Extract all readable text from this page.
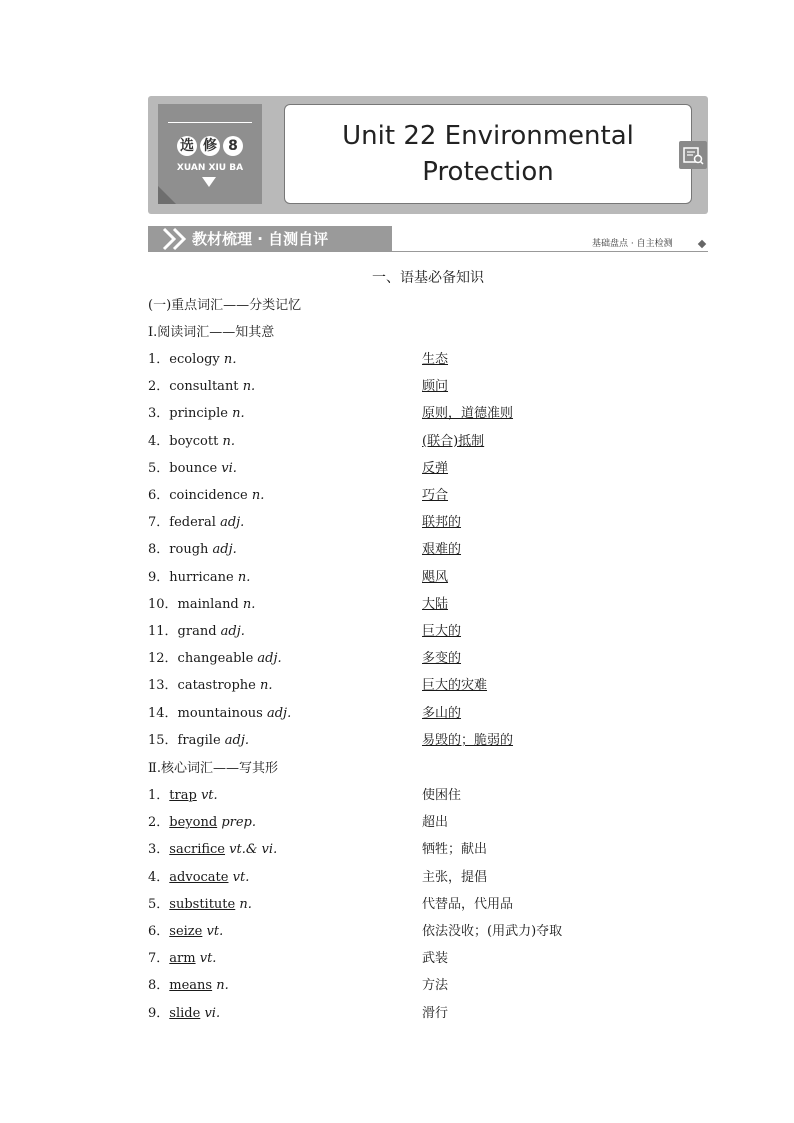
选 修 8
XUAN XIU BA
Unit 22 Environmental
Protection
教材梳理 · 自测自评	基础盘点 · 自主检测
一、语基必备知识
(一)重点词汇——分类记忆
Ⅰ.阅读词汇——知其意
1．ecology n．	生态
2．consultant n.	顾问
3．principle n.	原则，道德准则
4．boycott n.	(联合)抵制
5．bounce vi.	反弹
6．coincidence n.	巧合
7．federal adj.	联邦的
8．rough adj.	艰难的
9．hurricane n.	飓风
10．mainland n.	大陆
11．grand adj.	巨大的
12．changeable adj.	多变的
13．catastrophe n.	巨大的灾难
14．mountainous adj.	多山的
15．fragile adj.	易毁的；脆弱的
Ⅱ.核心词汇——写其形
1．trap vt.	使困住
2．beyond prep.	超出
3．sacrifice vt.& vi.	牺牲；献出
4．advocate vt.	主张，提倡
5．substitute n.	代替品，代用品
6．seize vt.	依法没收；(用武力)夺取
7．arm vt.	武装
8．means n.	方法
9．slide vi.	滑行
